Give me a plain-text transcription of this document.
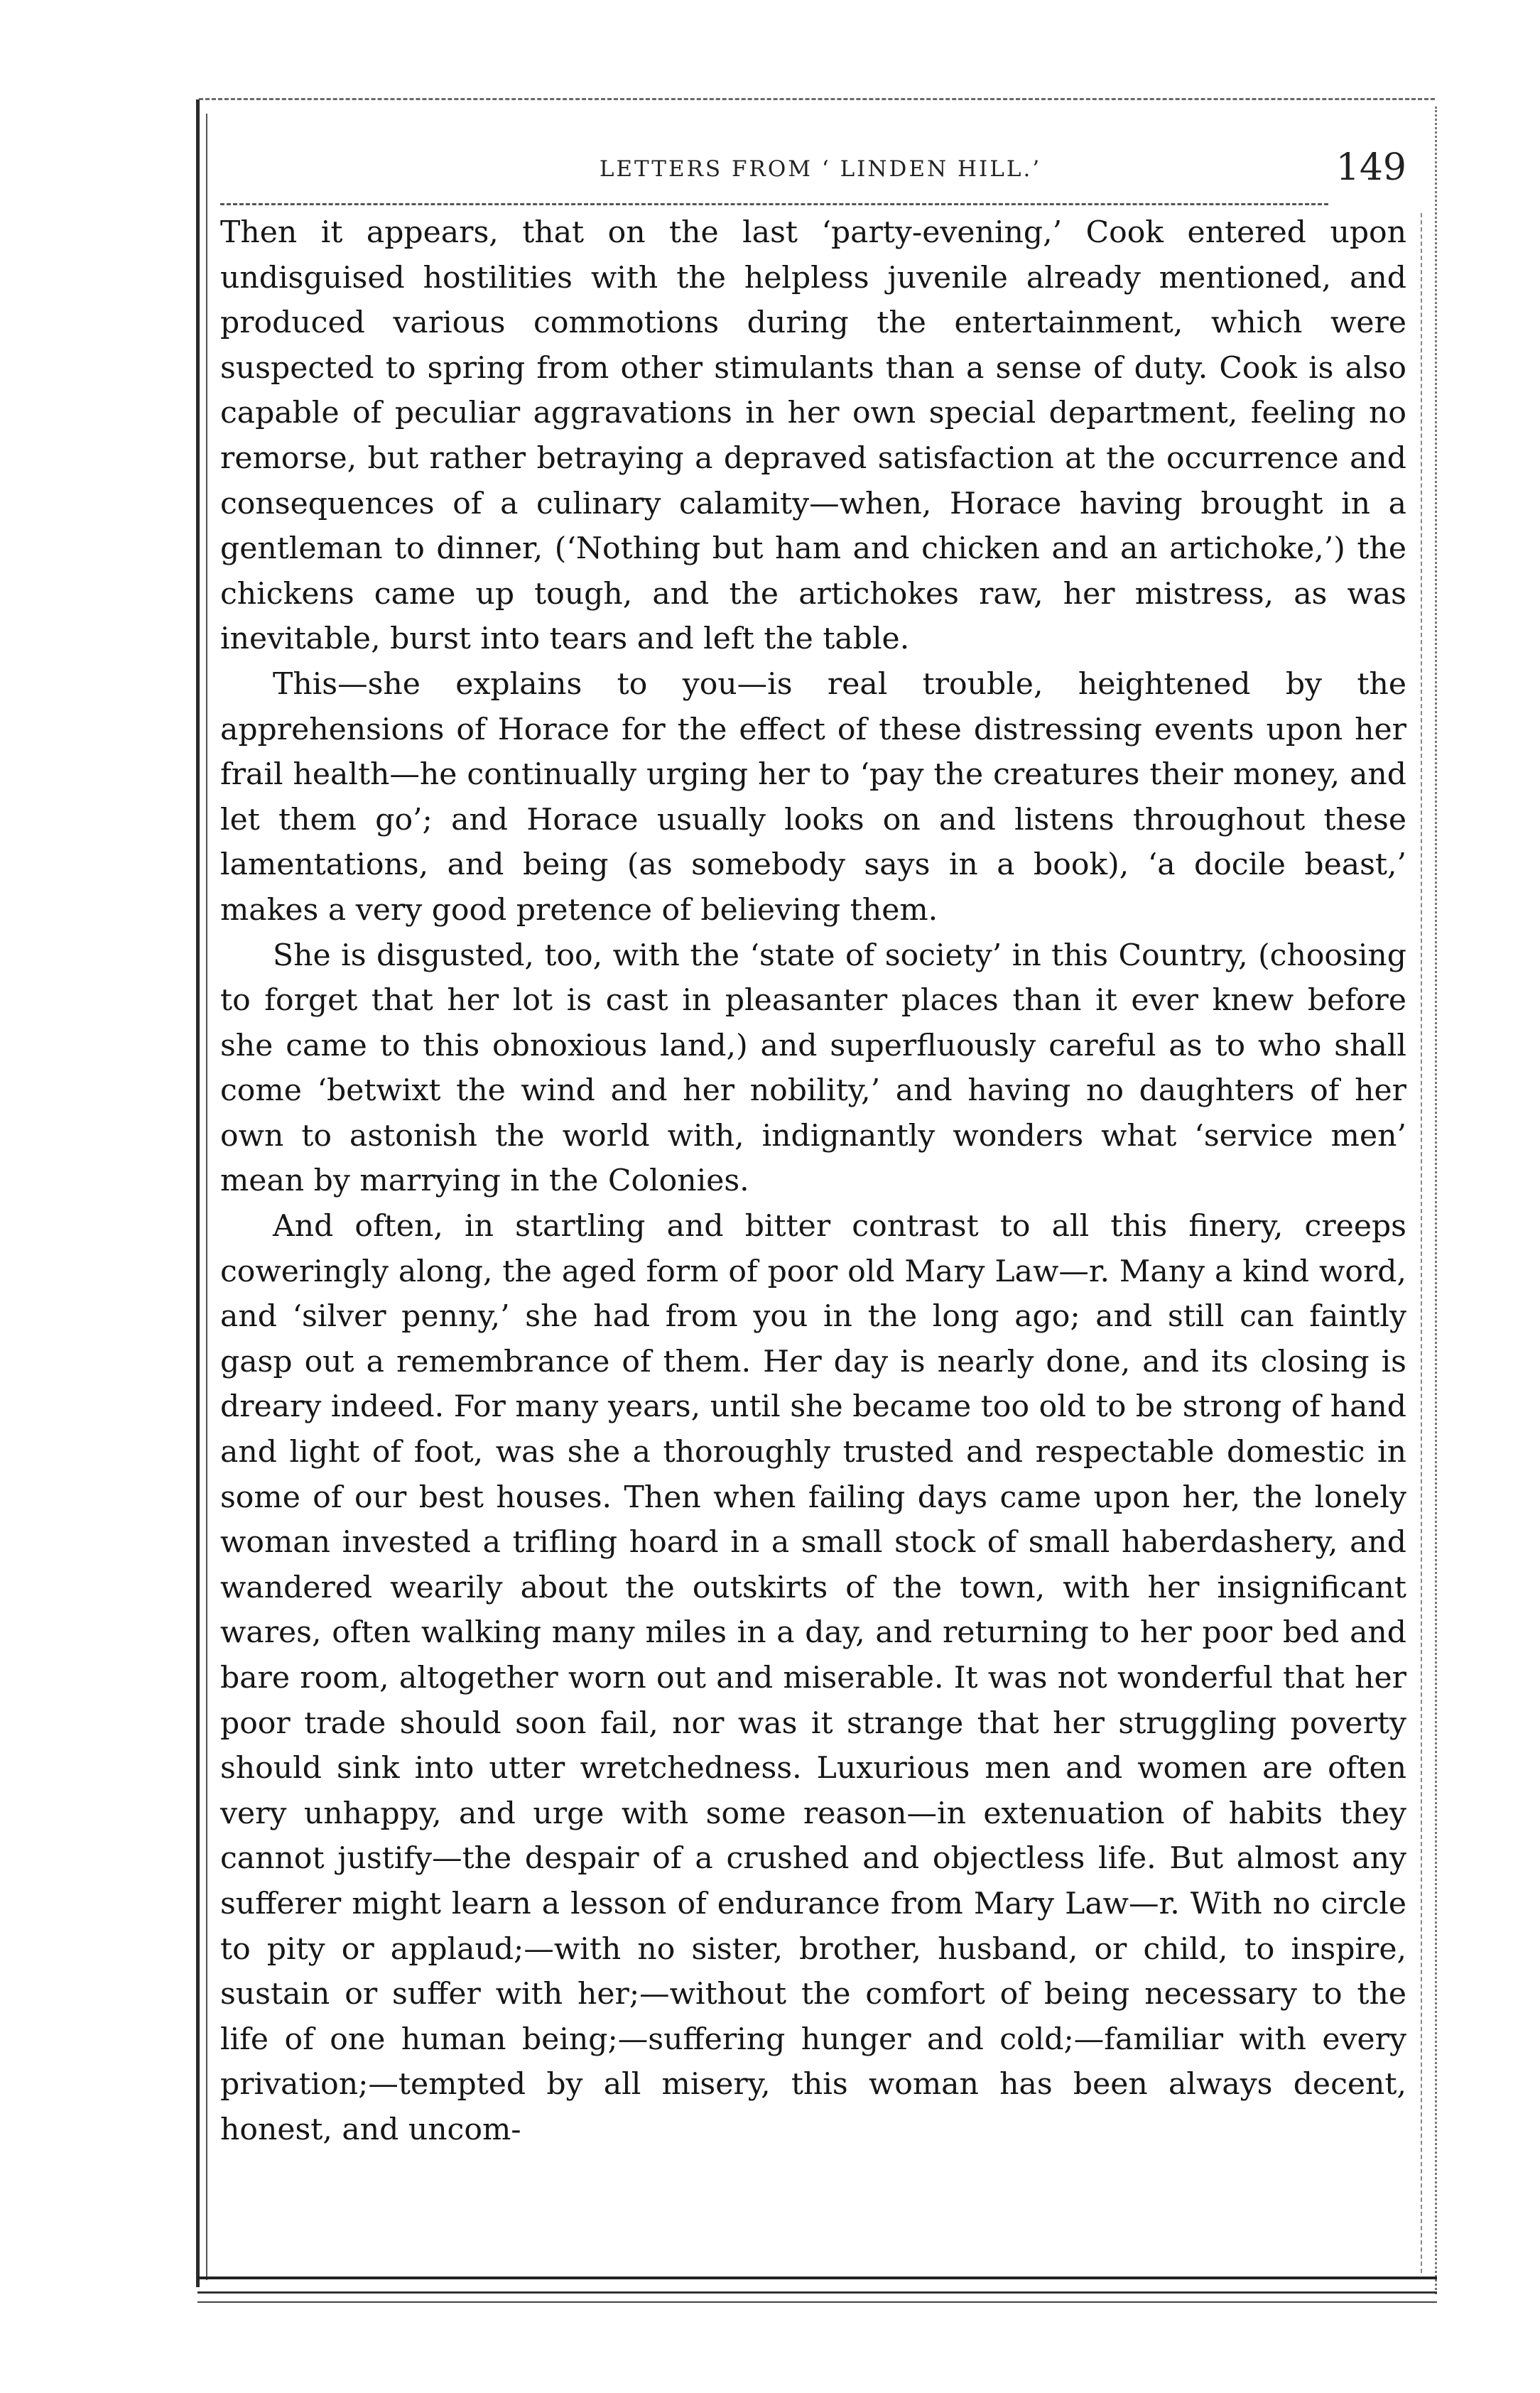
LETTERS FROM ‘ LINDEN HILL.’	149

Then it appears, that on the last ‘party-evening,’ Cook entered upon undisguised hostilities with the helpless juvenile already mentioned, and produced various commotions during the entertainment, which were suspected to spring from other stimulants than a sense of duty. Cook is also capable of peculiar aggravations in her own special department, feeling no remorse, but rather betraying a depraved satisfaction at the occurrence and consequences of a culinary calamity—when, Horace having brought in a gentleman to dinner, (‘Nothing but ham and chicken and an artichoke,’) the chickens came up tough, and the artichokes raw, her mistress, as was inevitable, burst into tears and left the table.

This—she explains to you—is real trouble, heightened by the apprehensions of Horace for the effect of these distressing events upon her frail health—he continually urging her to ‘pay the creatures their money, and let them go’; and Horace usually looks on and listens throughout these lamentations, and being (as somebody says in a book), ‘a docile beast,’ makes a very good pretence of believing them.

She is disgusted, too, with the ‘state of society’ in this Country, (choosing to forget that her lot is cast in pleasanter places than it ever knew before she came to this obnoxious land,) and superfluously careful as to who shall come ‘betwixt the wind and her nobility,’ and having no daughters of her own to astonish the world with, indignantly wonders what ‘service men’ mean by marrying in the Colonies.

And often, in startling and bitter contrast to all this finery, creeps coweringly along, the aged form of poor old Mary Law—r. Many a kind word, and ‘silver penny,’ she had from you in the long ago; and still can faintly gasp out a remembrance of them. Her day is nearly done, and its closing is dreary indeed. For many years, until she became too old to be strong of hand and light of foot, was she a thoroughly trusted and respectable domestic in some of our best houses. Then when failing days came upon her, the lonely woman invested a trifling hoard in a small stock of small haberdashery, and wandered wearily about the outskirts of the town, with her insignificant wares, often walking many miles in a day, and returning to her poor bed and bare room, altogether worn out and miserable. It was not wonderful that her poor trade should soon fail, nor was it strange that her struggling poverty should sink into utter wretchedness. Luxurious men and women are often very unhappy, and urge with some reason—in extenuation of habits they cannot justify—the despair of a crushed and objectless life. But almost any sufferer might learn a lesson of endurance from Mary Law—r. With no circle to pity or applaud;—with no sister, brother, husband, or child, to inspire, sustain or suffer with her;—without the comfort of being necessary to the life of one human being;—suffering hunger and cold;—familiar with every privation;—tempted by all misery, this woman has been always decent, honest, and uncom-
